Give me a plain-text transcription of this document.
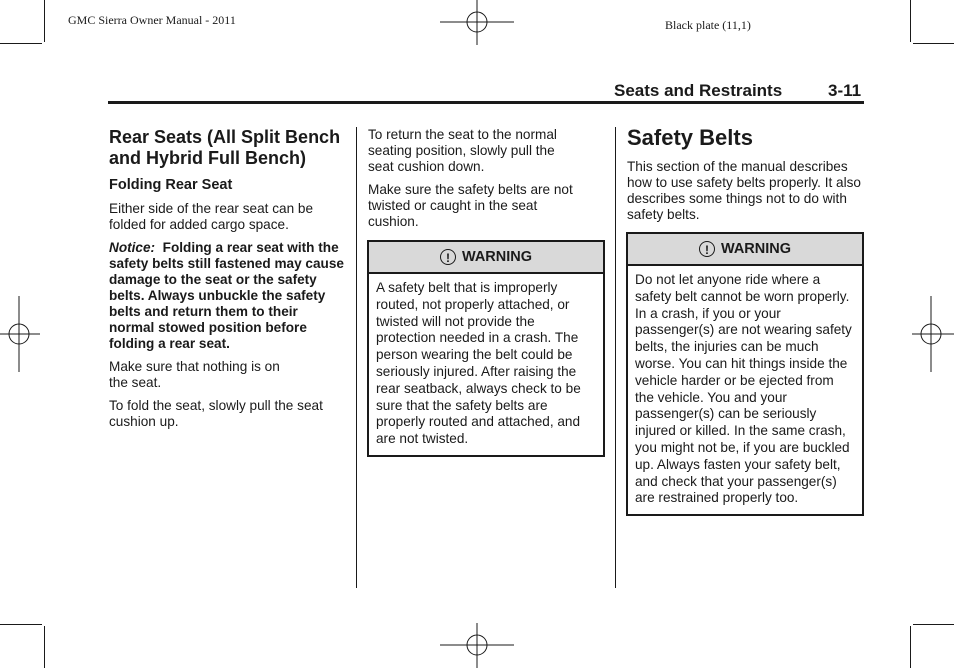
GMC Sierra Owner Manual - 2011	Black plate (11,1)
Seats and Restraints	3-11
Rear Seats (All Split Bench and Hybrid Full Bench)
Folding Rear Seat

Either side of the rear seat can be folded for added cargo space.

Notice: Folding a rear seat with the safety belts still fastened may cause damage to the seat or the safety belts. Always unbuckle the safety belts and return them to their normal stowed position before folding a rear seat.

Make sure that nothing is on the seat.

To fold the seat, slowly pull the seat cushion up.

To return the seat to the normal seating position, slowly pull the seat cushion down.

Make sure the safety belts are not twisted or caught in the seat cushion.

! WARNING
A safety belt that is improperly routed, not properly attached, or twisted will not provide the protection needed in a crash. The person wearing the belt could be seriously injured. After raising the rear seatback, always check to be sure that the safety belts are properly routed and attached, and are not twisted.
Safety Belts

This section of the manual describes how to use safety belts properly. It also describes some things not to do with safety belts.

! WARNING
Do not let anyone ride where a safety belt cannot be worn properly. In a crash, if you or your passenger(s) are not wearing safety belts, the injuries can be much worse. You can hit things inside the vehicle harder or be ejected from the vehicle. You and your passenger(s) can be seriously injured or killed. In the same crash, you might not be, if you are buckled up. Always fasten your safety belt, and check that your passenger(s) are restrained properly too.
